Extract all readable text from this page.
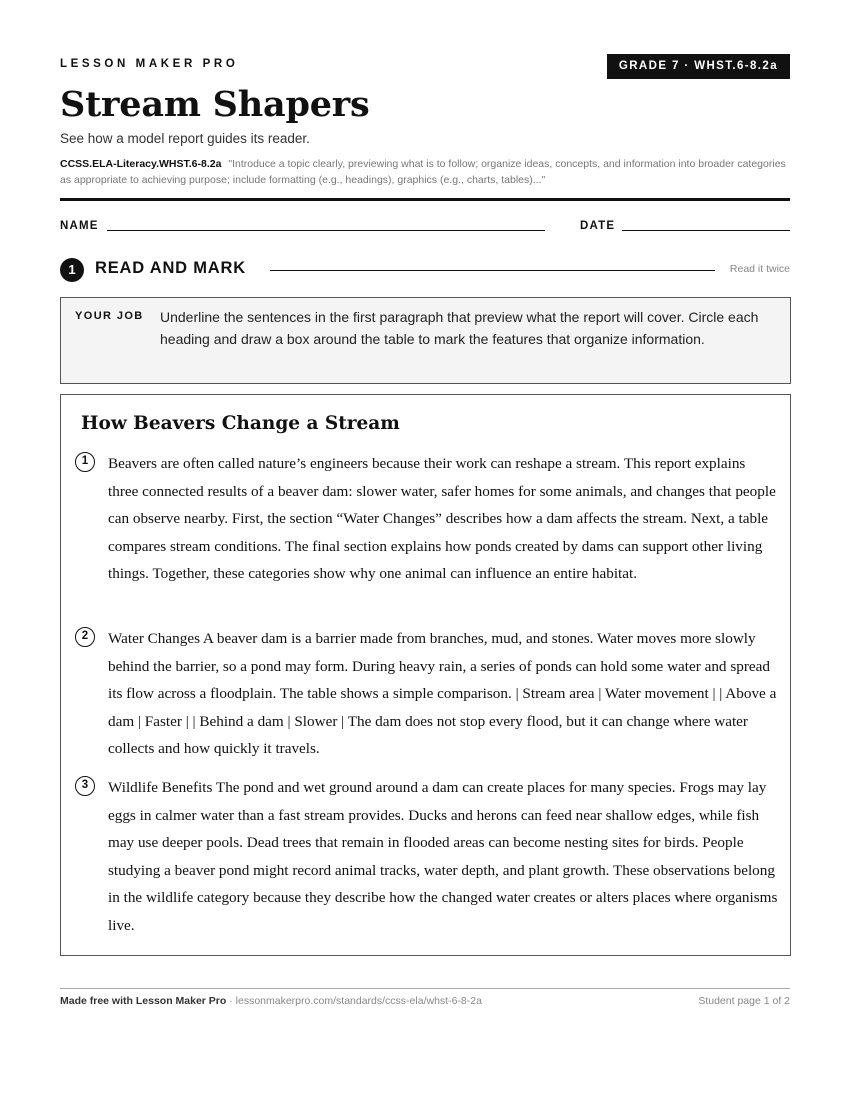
LESSON MAKER PRO	GRADE 7 · WHST.6-8.2a
Stream Shapers
See how a model report guides its reader.
CCSS.ELA-Literacy.WHST.6-8.2a "Introduce a topic clearly, previewing what is to follow; organize ideas, concepts, and information into broader categories as appropriate to achieving purpose; include formatting (e.g., headings), graphics (e.g., charts, tables)..."
NAME	DATE
1	READ AND MARK	Read it twice
YOUR JOB Underline the sentences in the first paragraph that preview what the report will cover. Circle each heading and draw a box around the table to mark the features that organize information.
How Beavers Change a Stream
1	Beavers are often called nature’s engineers because their work can reshape a stream. This report explains three connected results of a beaver dam: slower water, safer homes for some animals, and changes that people can observe nearby. First, the section “Water Changes” describes how a dam affects the stream. Next, a table compares stream conditions. The final section explains how ponds created by dams can support other living things. Together, these categories show why one animal can influence an entire habitat.

2	Water Changes A beaver dam is a barrier made from branches, mud, and stones. Water moves more slowly behind the barrier, so a pond may form. During heavy rain, a series of ponds can hold some water and spread its flow across a floodplain. The table shows a simple comparison. | Stream area | Water movement | | Above a dam | Faster | | Behind a dam | Slower | The dam does not stop every flood, but it can change where water collects and how quickly it travels.

3	Wildlife Benefits The pond and wet ground around a dam can create places for many species. Frogs may lay eggs in calmer water than a fast stream provides. Ducks and herons can feed near shallow edges, while fish may use deeper pools. Dead trees that remain in flooded areas can become nesting sites for birds. People studying a beaver pond might record animal tracks, water depth, and plant growth. These observations belong in the wildlife category because they describe how the changed water creates or alters places where organisms live.

Made free with Lesson Maker Pro · lessonmakerpro.com/standards/ccss-ela/whst-6-8-2a	Student page 1 of 2
